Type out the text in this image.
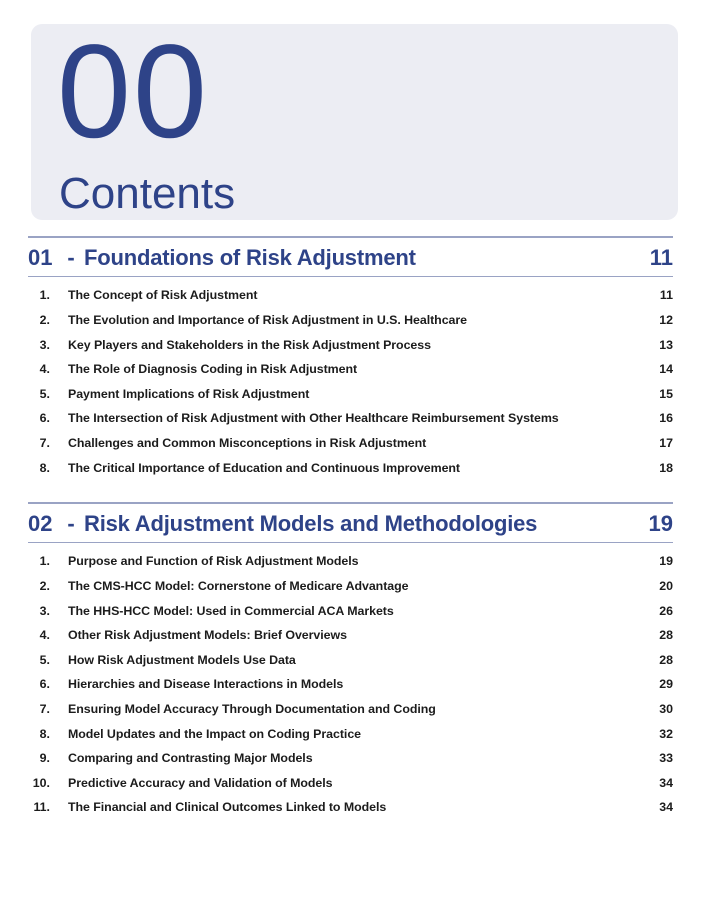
00
Contents
01 - Foundations of Risk Adjustment	11
1.	The Concept of Risk Adjustment	11
2.	The Evolution and Importance of Risk Adjustment in U.S. Healthcare	12
3.	Key Players and Stakeholders in the Risk Adjustment Process	13
4.	The Role of Diagnosis Coding in Risk Adjustment	14
5.	Payment Implications of Risk Adjustment	15
6.	The Intersection of Risk Adjustment with Other Healthcare Reimbursement Systems	16
7.	Challenges and Common Misconceptions in Risk Adjustment	17
8.	The Critical Importance of Education and Continuous Improvement	18
02 - Risk Adjustment Models and Methodologies	19
1.	Purpose and Function of Risk Adjustment Models	19
2.	The CMS-HCC Model: Cornerstone of Medicare Advantage	20
3.	The HHS-HCC Model: Used in Commercial ACA Markets	26
4.	Other Risk Adjustment Models: Brief Overviews	28
5.	How Risk Adjustment Models Use Data	28
6.	Hierarchies and Disease Interactions in Models	29
7.	Ensuring Model Accuracy Through Documentation and Coding	30
8.	Model Updates and the Impact on Coding Practice	32
9.	Comparing and Contrasting Major Models	33
10.	Predictive Accuracy and Validation of Models	34
11.	The Financial and Clinical Outcomes Linked to Models	34
